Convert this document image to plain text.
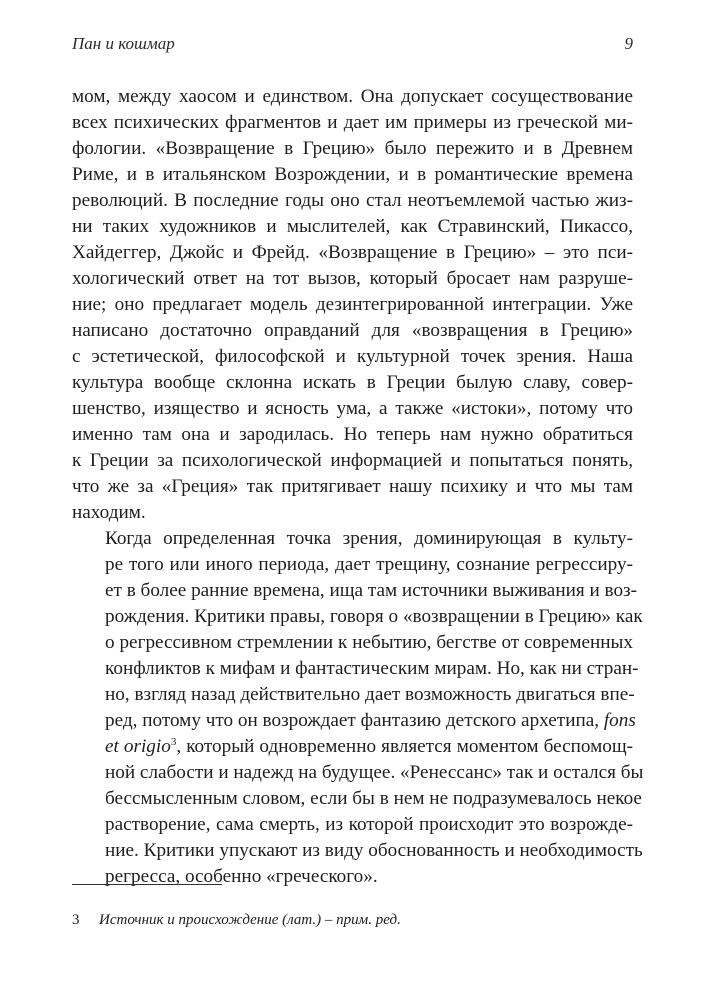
Пан и кошмар	9

мом, между хаосом и единством. Она допускает сосуществование
всех психических фрагментов и дает им примеры из греческой ми-
фологии. «Возвращение в Грецию» было пережито и в Древнем
Риме, и в итальянском Возрождении, и в романтические времена
революций. В последние годы оно стал неотъемлемой частью жиз-
ни таких художников и мыслителей, как Стравинский, Пикассо,
Хайдеггер, Джойс и Фрейд. «Возвращение в Грецию» – это пси-
хологический ответ на тот вызов, который бросает нам разруше-
ние; оно предлагает модель дезинтегрированной интеграции. Уже
написано достаточно оправданий для «возвращения в Грецию»
с эстетической, философской и культурной точек зрения. Наша
культура вообще склонна искать в Греции былую славу, совер-
шенство, изящество и ясность ума, а также «истоки», потому что
именно там она и зародилась. Но теперь нам нужно обратиться
к Греции за психологической информацией и попытаться понять,
что же за «Греция» так притягивает нашу психику и что мы там
находим.

Когда определенная точка зрения, доминирующая в культу-
ре того или иного периода, дает трещину, сознание регрессиру-
ет в более ранние времена, ища там источники выживания и воз-
рождения. Критики правы, говоря о «возвращении в Грецию» как
о регрессивном стремлении к небытию, бегстве от современных
конфликтов к мифам и фантастическим мирам. Но, как ни стран-
но, взгляд назад действительно дает возможность двигаться впе-
ред, потому что он возрождает фантазию детского архетипа, fons
et origio$^3$, который одновременно является моментом беспомощ-
ной слабости и надежд на будущее. «Ренессанс» так и остался бы
бессмысленным словом, если бы в нем не подразумевалось некое
растворение, сама смерть, из которой происходит это возрожде-
ние. Критики упускают из виду обоснованность и необходимость
регресса, особенно «греческого».

3 Источник и происхождение (лат.) – прим. ред.
